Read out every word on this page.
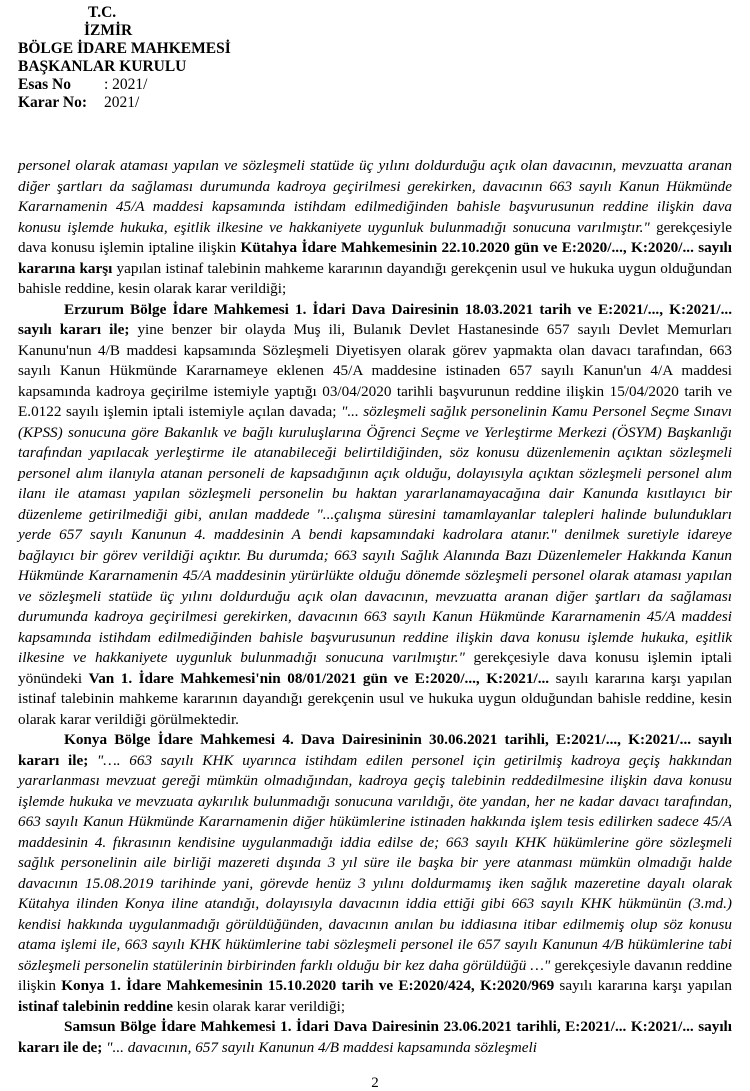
T.C.
İZMİR
BÖLGE İDARE MAHKEMESİ
BAŞKANLAR KURULU
Esas No	: 2021/
Karar No:	2021/

personel olarak ataması yapılan ve sözleşmeli statüde üç yılını doldurduğu açık olan davacının, mevzuatta aranan diğer şartları da sağlaması durumunda kadroya geçirilmesi gerekirken, davacının 663 sayılı Kanun Hükmünde Kararnamenin 45/A maddesi kapsamında istihdam edilmediğinden bahisle başvurusunun reddine ilişkin dava konusu işlemde hukuka, eşitlik ilkesine ve hakkaniyete uygunluk bulunmadığı sonucuna varılmıştır." gerekçesiyle dava konusu işlemin iptaline ilişkin Kütahya İdare Mahkemesinin 22.10.2020 gün ve E:2020/..., K:2020/... sayılı kararına karşı yapılan istinaf talebinin mahkeme kararının dayandığı gerekçenin usul ve hukuka uygun olduğundan bahisle reddine, kesin olarak karar verildiği;

Erzurum Bölge İdare Mahkemesi 1. İdari Dava Dairesinin 18.03.2021 tarih ve E:2021/..., K:2021/... sayılı kararı ile; yine benzer bir olayda Muş ili, Bulanık Devlet Hastanesinde 657 sayılı Devlet Memurları Kanunu'nun 4/B maddesi kapsamında Sözleşmeli Diyetisyen olarak görev yapmakta olan davacı tarafından, 663 sayılı Kanun Hükmünde Kararnameye eklenen 45/A maddesine istinaden 657 sayılı Kanun'un 4/A maddesi kapsamında kadroya geçirilme istemiyle yaptığı 03/04/2020 tarihli başvurunun reddine ilişkin 15/04/2020 tarih ve E.0122 sayılı işlemin iptali istemiyle açılan davada; "... sözleşmeli sağlık personelinin Kamu Personel Seçme Sınavı (KPSS) sonucuna göre Bakanlık ve bağlı kuruluşlarına Öğrenci Seçme ve Yerleştirme Merkezi (ÖSYM) Başkanlığı tarafından yapılacak yerleştirme ile atanabileceği belirtildiğinden, söz konusu düzenlemenin açıktan sözleşmeli personel alım ilanıyla atanan personeli de kapsadığının açık olduğu, dolayısıyla açıktan sözleşmeli personel alım ilanı ile ataması yapılan sözleşmeli personelin bu haktan yararlanamayacağına dair Kanunda kısıtlayıcı bir düzenleme getirilmediği gibi, anılan maddede "...çalışma süresini tamamlayanlar talepleri halinde bulundukları yerde 657 sayılı Kanunun 4. maddesinin A bendi kapsamındaki kadrolara atanır." denilmek suretiyle idareye bağlayıcı bir görev verildiği açıktır. Bu durumda; 663 sayılı Sağlık Alanında Bazı Düzenlemeler Hakkında Kanun Hükmünde Kararnamenin 45/A maddesinin yürürlükte olduğu dönemde sözleşmeli personel olarak ataması yapılan ve sözleşmeli statüde üç yılını doldurduğu açık olan davacının, mevzuatta aranan diğer şartları da sağlaması durumunda kadroya geçirilmesi gerekirken, davacının 663 sayılı Kanun Hükmünde Kararnamenin 45/A maddesi kapsamında istihdam edilmediğinden bahisle başvurusunun reddine ilişkin dava konusu işlemde hukuka, eşitlik ilkesine ve hakkaniyete uygunluk bulunmadığı sonucuna varılmıştır." gerekçesiyle dava konusu işlemin iptali yönündeki Van 1. İdare Mahkemesi'nin 08/01/2021 gün ve E:2020/..., K:2021/... sayılı kararına karşı yapılan istinaf talebinin mahkeme kararının dayandığı gerekçenin usul ve hukuka uygun olduğundan bahisle reddine, kesin olarak karar verildiği görülmektedir.

Konya Bölge İdare Mahkemesi 4. Dava Dairesininin 30.06.2021 tarihli, E:2021/..., K:2021/... sayılı kararı ile; "…. 663 sayılı KHK uyarınca istihdam edilen personel için getirilmiş kadroya geçiş hakkından yararlanması mevzuat gereği mümkün olmadığından, kadroya geçiş talebinin reddedilmesine ilişkin dava konusu işlemde hukuka ve mevzuata aykırılık bulunmadığı sonucuna varıldığı, öte yandan, her ne kadar davacı tarafından, 663 sayılı Kanun Hükmünde Kararnamenin diğer hükümlerine istinaden hakkında işlem tesis edilirken sadece 45/A maddesinin 4. fıkrasının kendisine uygulanmadığı iddia edilse de; 663 sayılı KHK hükümlerine göre sözleşmeli sağlık personelinin aile birliği mazereti dışında 3 yıl süre ile başka bir yere atanması mümkün olmadığı halde davacının 15.08.2019 tarihinde yani, görevde henüz 3 yılını doldurmamış iken sağlık mazeretine dayalı olarak Kütahya ilinden Konya iline atandığı, dolayısıyla davacının iddia ettiği gibi 663 sayılı KHK hükmünün (3.md.) kendisi hakkında uygulanmadığı görüldüğünden, davacının anılan bu iddiasına itibar edilmemiş olup söz konusu atama işlemi ile, 663 sayılı KHK hükümlerine tabi sözleşmeli personel ile 657 sayılı Kanunun 4/B hükümlerine tabi sözleşmeli personelin statülerinin birbirinden farklı olduğu bir kez daha görüldüğü …" gerekçesiyle davanın reddine ilişkin Konya 1. İdare Mahkemesinin 15.10.2020 tarih ve E:2020/424, K:2020/969 sayılı kararına karşı yapılan istinaf talebinin reddine kesin olarak karar verildiği;

Samsun Bölge İdare Mahkemesi 1. İdari Dava Dairesinin 23.06.2021 tarihli, E:2021/... K:2021/... sayılı kararı ile de; "... davacının, 657 sayılı Kanunun 4/B maddesi kapsamında sözleşmeli

2
